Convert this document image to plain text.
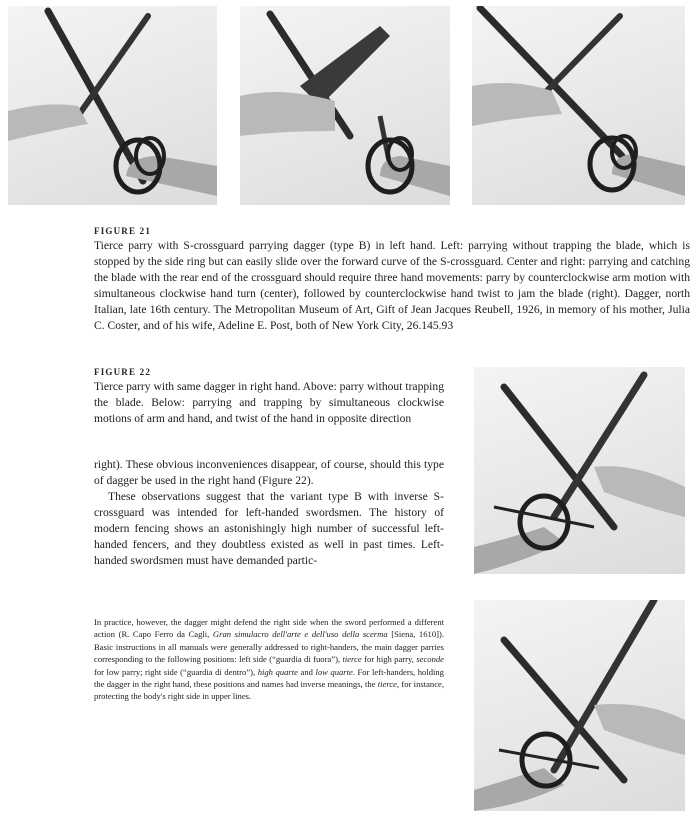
FIGURE 21
Tierce parry with S-crossguard parrying dagger (type B) in left hand. Left: parrying without trapping the blade, which is stopped by the side ring but can easily slide over the forward curve of the S-crossguard. Center and right: parrying and catching the blade with the rear end of the crossguard should require three hand movements: parry by counterclockwise arm motion with simultaneous clockwise hand turn (center), followed by counterclockwise hand twist to jam the blade (right). Dagger, north Italian, late 16th century. The Metropolitan Museum of Art, Gift of Jean Jacques Reubell, 1926, in memory of his mother, Julia C. Coster, and of his wife, Adeline E. Post, both of New York City, 26.145.93
FIGURE 22
Tierce parry with same dagger in right hand. Above: parry without trapping the blade. Below: parrying and trapping by simultaneous clockwise motions of arm and hand, and twist of the hand in opposite direction

right). These obvious inconveniences disappear, of course, should this type of dagger be used in the right hand (Figure 22).

These observations suggest that the variant type B with inverse S-crossguard was intended for left-handed swordsmen. The history of modern fencing shows an astonishingly high number of successful left-handed fencers, and they doubtless existed as well in past times. Left-handed swordsmen must have demanded partic-

In practice, however, the dagger might defend the right side when the sword performed a different action (R. Capo Ferro da Cagli, Gran simulacro dell'arte e dell'uso della scerma [Siena, 1610]). Basic instructions in all manuals were generally addressed to right-handers, the main dagger parries corresponding to the following positions: left side (“guardia di fuora”), tierce for high parry, seconde for low parry; right side (“guardia di dentro”), high quarte and low quarte. For left-handers, holding the dagger in the right hand, these positions and names had inverse meanings, the tierce, for instance, protecting the body's right side in upper lines.
